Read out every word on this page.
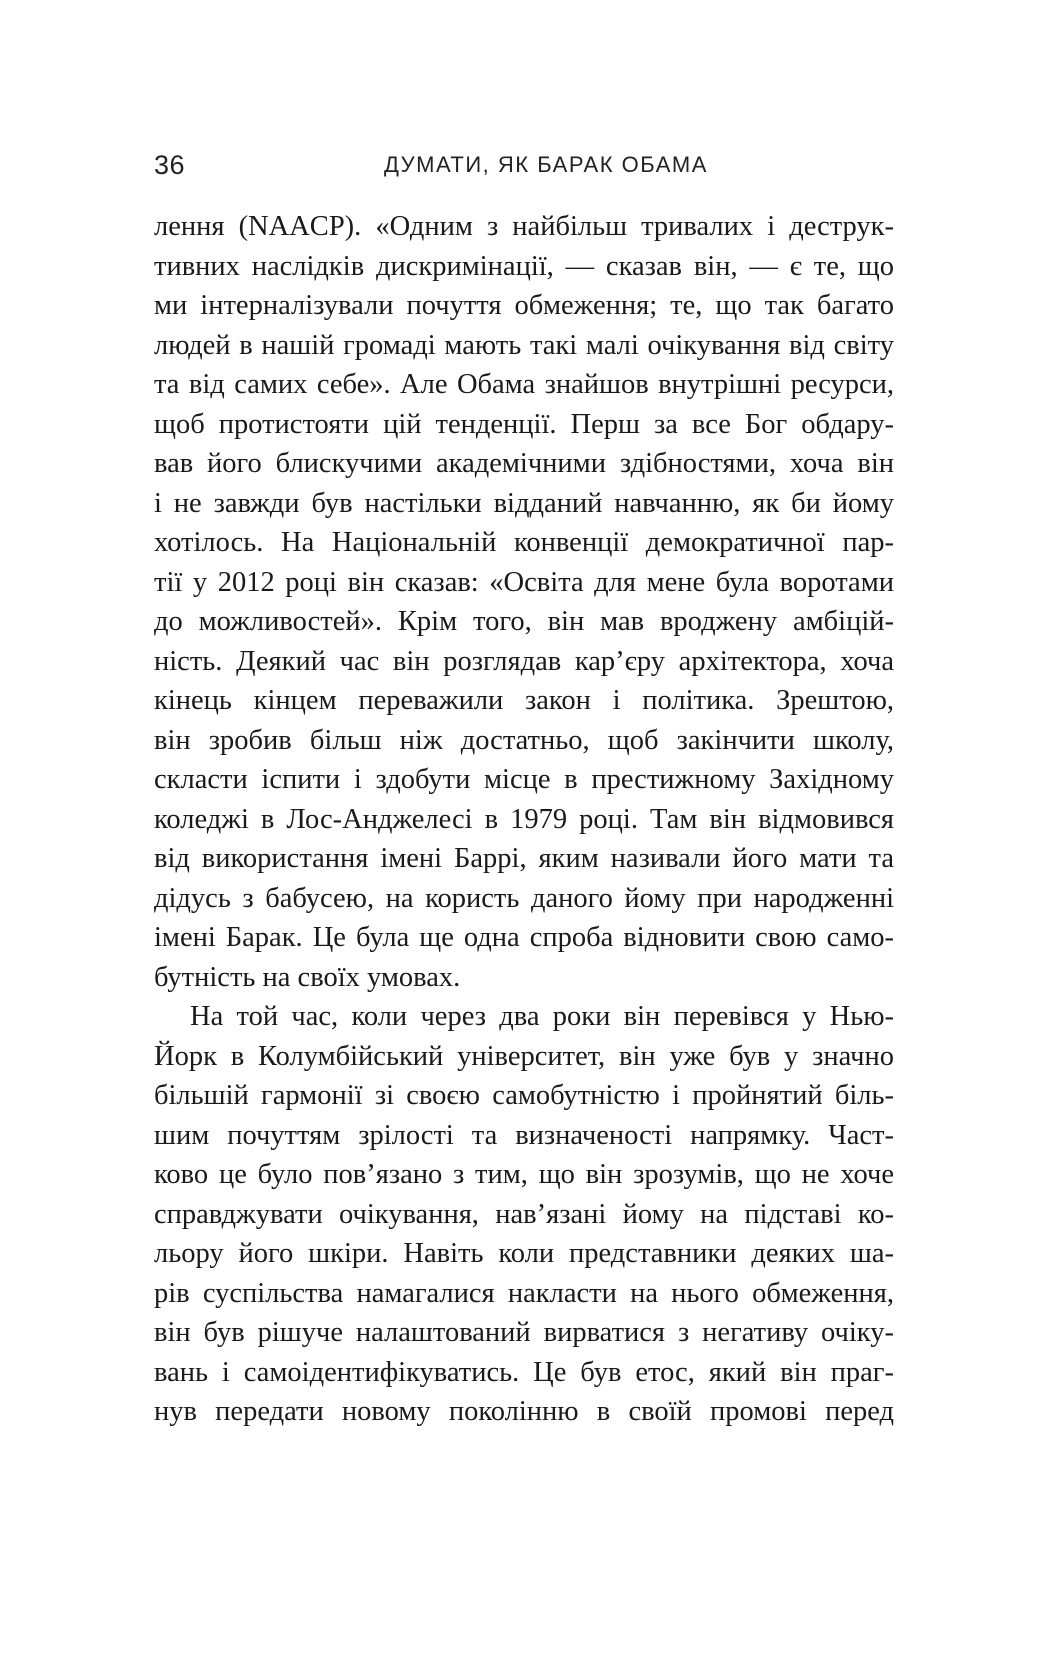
36	ДУМАТИ, ЯК БАРАК ОБАМА
лення (NAACP). «Одним з найбільш тривалих і деструк-
тивних наслідків дискримінації, — сказав він, — є те, що
ми інтерналізували почуття обмеження; те, що так багато
людей в нашій громаді мають такі малі очікування від світу
та від самих себе». Але Обама знайшов внутрішні ресурси,
щоб протистояти цій тенденції. Перш за все Бог обдару-
вав його блискучими академічними здібностями, хоча він
і не завжди був настільки відданий навчанню, як би йому
хотілось. На Національній конвенції демократичної пар-
тії у 2012 році він сказав: «Освіта для мене була воротами
до можливостей». Крім того, він мав вроджену амбіцій-
ність. Деякий час він розглядав кар’єру архітектора, хоча
кінець кінцем переважили закон і політика. Зрештою,
він зробив більш ніж достатньо, щоб закінчити школу,
скласти іспити і здобути місце в престижному Західному
коледжі в Лос-Анджелесі в 1979 році. Там він відмовився
від використання імені Баррі, яким називали його мати та
дідусь з бабусею, на користь даного йому при народженні
імені Барак. Це була ще одна спроба відновити свою само-
бутність на своїх умовах.
На той час, коли через два роки він перевівся у Нью-
Йорк в Колумбійський університет, він уже був у значно
більшій гармонії зі своєю самобутністю і пройнятий біль-
шим почуттям зрілості та визначеності напрямку. Част-
ково це було пов’язано з тим, що він зрозумів, що не хоче
справджувати очікування, нав’язані йому на підставі ко-
льору його шкіри. Навіть коли представники деяких ша-
рів суспільства намагалися накласти на нього обмеження,
він був рішуче налаштований вирватися з негативу очіку-
вань і самоідентифікуватись. Це був етос, який він праг-
нув передати новому поколінню в своїй промові перед
